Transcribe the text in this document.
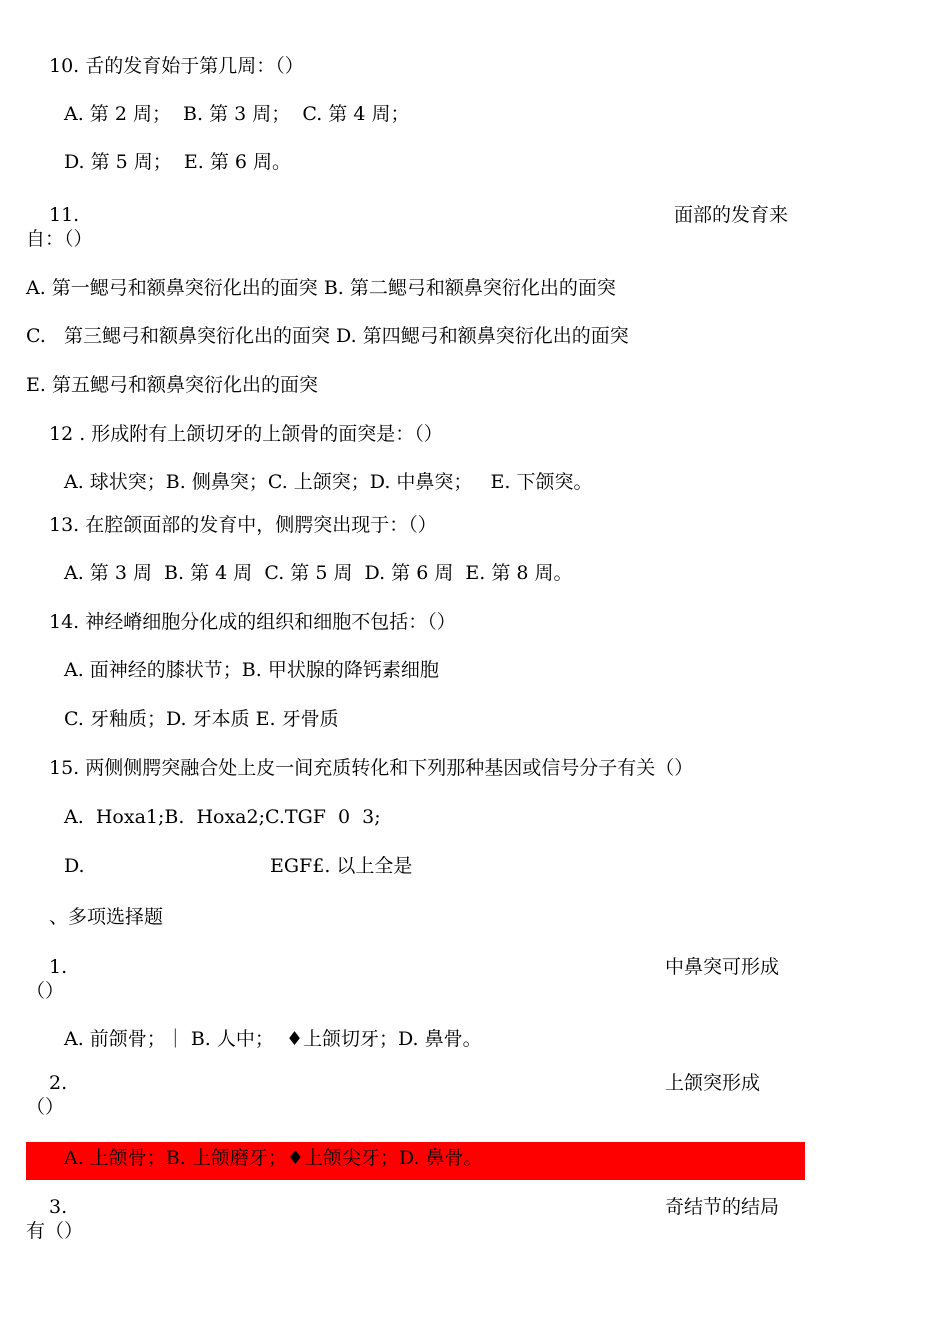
10. 舌的发育始于第几周：（）
A. 第 2 周；  B. 第 3 周；  C. 第 4 周；
D. 第 5 周；  E. 第 6 周。
11.	面部的发育来
自：（）
A. 第一鳃弓和额鼻突衍化出的面突 B. 第二鳃弓和额鼻突衍化出的面突
C.   第三鳃弓和额鼻突衍化出的面突 D. 第四鳃弓和额鼻突衍化出的面突
E. 第五鳃弓和额鼻突衍化出的面突
12 . 形成附有上颌切牙的上颌骨的面突是：（）
A. 球状突；B. 侧鼻突；C. 上颌突；D. 中鼻突；   E. 下颌突。
13. 在腔颌面部的发育中，侧腭突出现于：（）
A. 第 3 周  B. 第 4 周  C. 第 5 周  D. 第 6 周  E. 第 8 周。
14. 神经嵴细胞分化成的组织和细胞不包括：（）
A. 面神经的膝状节；B. 甲状腺的降钙素细胞
C. 牙釉质；D. 牙本质 E. 牙骨质
15. 两侧侧腭突融合处上皮一间充质转化和下列那种基因或信号分子有关（）
A.  Hoxa1;B.  Hoxa2;C.TGF  0  3;
D.	EGF£. 以上全是
、多项选择题
1.	中鼻突可形成
（）
A. 前颌骨；｜ B. 人中；  ♦上颌切牙；D. 鼻骨。
2.	上颌突形成
（）
A. 上颌骨；B. 上颌磨牙；♦上颌尖牙；D. 鼻骨。
3.	奇结节的结局
有（）
